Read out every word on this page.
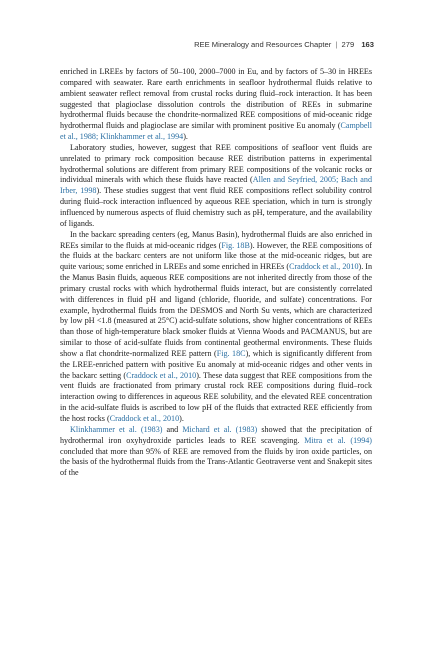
REE Mineralogy and Resources Chapter | 279 163

enriched in LREEs by factors of 50–100, 2000–7000 in Eu, and by factors of 5–30 in HREEs compared with seawater. Rare earth enrichments in seafloor hydrothermal fluids relative to ambient seawater reflect removal from crustal rocks during fluid–rock interaction. It has been suggested that plagioclase dissolution controls the distribution of REEs in submarine hydrothermal fluids because the chondrite-normalized REE compositions of mid-oceanic ridge hydrothermal fluids and plagioclase are similar with prominent positive Eu anomaly (Campbell et al., 1988; Klinkhammer et al., 1994).

Laboratory studies, however, suggest that REE compositions of seafloor vent fluids are unrelated to primary rock composition because REE distribution patterns in experimental hydrothermal solutions are different from primary REE compositions of the volcanic rocks or individual minerals with which these fluids have reacted (Allen and Seyfried, 2005; Bach and Irber, 1998). These studies suggest that vent fluid REE compositions reflect solubility control during fluid–rock interaction influenced by aqueous REE speciation, which in turn is strongly influenced by numerous aspects of fluid chemistry such as pH, temperature, and the availability of ligands.

In the backarc spreading centers (eg, Manus Basin), hydrothermal fluids are also enriched in REEs similar to the fluids at mid-oceanic ridges (Fig. 18B). However, the REE compositions of the fluids at the backarc centers are not uniform like those at the mid-oceanic ridges, but are quite various; some enriched in LREEs and some enriched in HREEs (Craddock et al., 2010). In the Manus Basin fluids, aqueous REE compositions are not inherited directly from those of the primary crustal rocks with which hydrothermal fluids interact, but are consistently correlated with differences in fluid pH and ligand (chloride, fluoride, and sulfate) concentrations. For example, hydrothermal fluids from the DESMOS and North Su vents, which are characterized by low pH <1.8 (measured at 25°C) acid-sulfate solutions, show higher concentrations of REEs than those of high-temperature black smoker fluids at Vienna Woods and PACMANUS, but are similar to those of acid-sulfate fluids from continental geothermal environments. These fluids show a flat chondrite-normalized REE pattern (Fig. 18C), which is significantly different from the LREE-enriched pattern with positive Eu anomaly at mid-oceanic ridges and other vents in the backarc setting (Craddock et al., 2010). These data suggest that REE compositions from the vent fluids are fractionated from primary crustal rock REE compositions during fluid–rock interaction owing to differences in aqueous REE solubility, and the elevated REE concentration in the acid-sulfate fluids is ascribed to low pH of the fluids that extracted REE efficiently from the host rocks (Craddock et al., 2010).

Klinkhammer et al. (1983) and Michard et al. (1983) showed that the precipitation of hydrothermal iron oxyhydroxide particles leads to REE scavenging. Mitra et al. (1994) concluded that more than 95% of REE are removed from the fluids by iron oxide particles, on the basis of the hydrothermal fluids from the Trans-Atlantic Geotraverse vent and Snakepit sites of the
